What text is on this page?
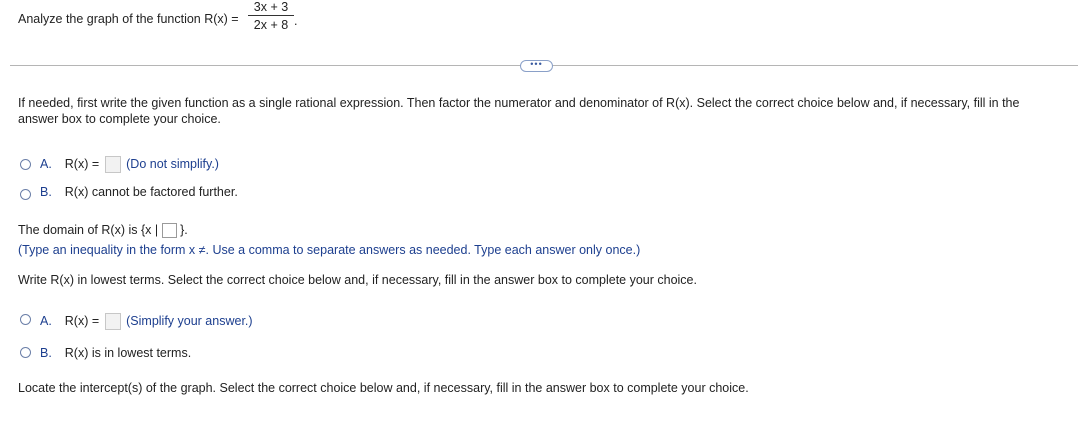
Analyze the graph of the function $R(x) = \frac{3x + 3}{2x + 8}$ .
•••
If needed, first write the given function as a single rational expression. Then factor the numerator and denominator of R(x). Select the correct choice below and, if necessary, fill in the
answer box to complete your choice.
A. R(x) = (Do not simplify.)
B. R(x) cannot be factored further.
The domain of R(x) is {x | }.
(Type an inequality in the form x ≠. Use a comma to separate answers as needed. Type each answer only once.)
Write R(x) in lowest terms. Select the correct choice below and, if necessary, fill in the answer box to complete your choice.
A. R(x) = (Simplify your answer.)
B. R(x) is in lowest terms.
Locate the intercept(s) of the graph. Select the correct choice below and, if necessary, fill in the answer box to complete your choice.
